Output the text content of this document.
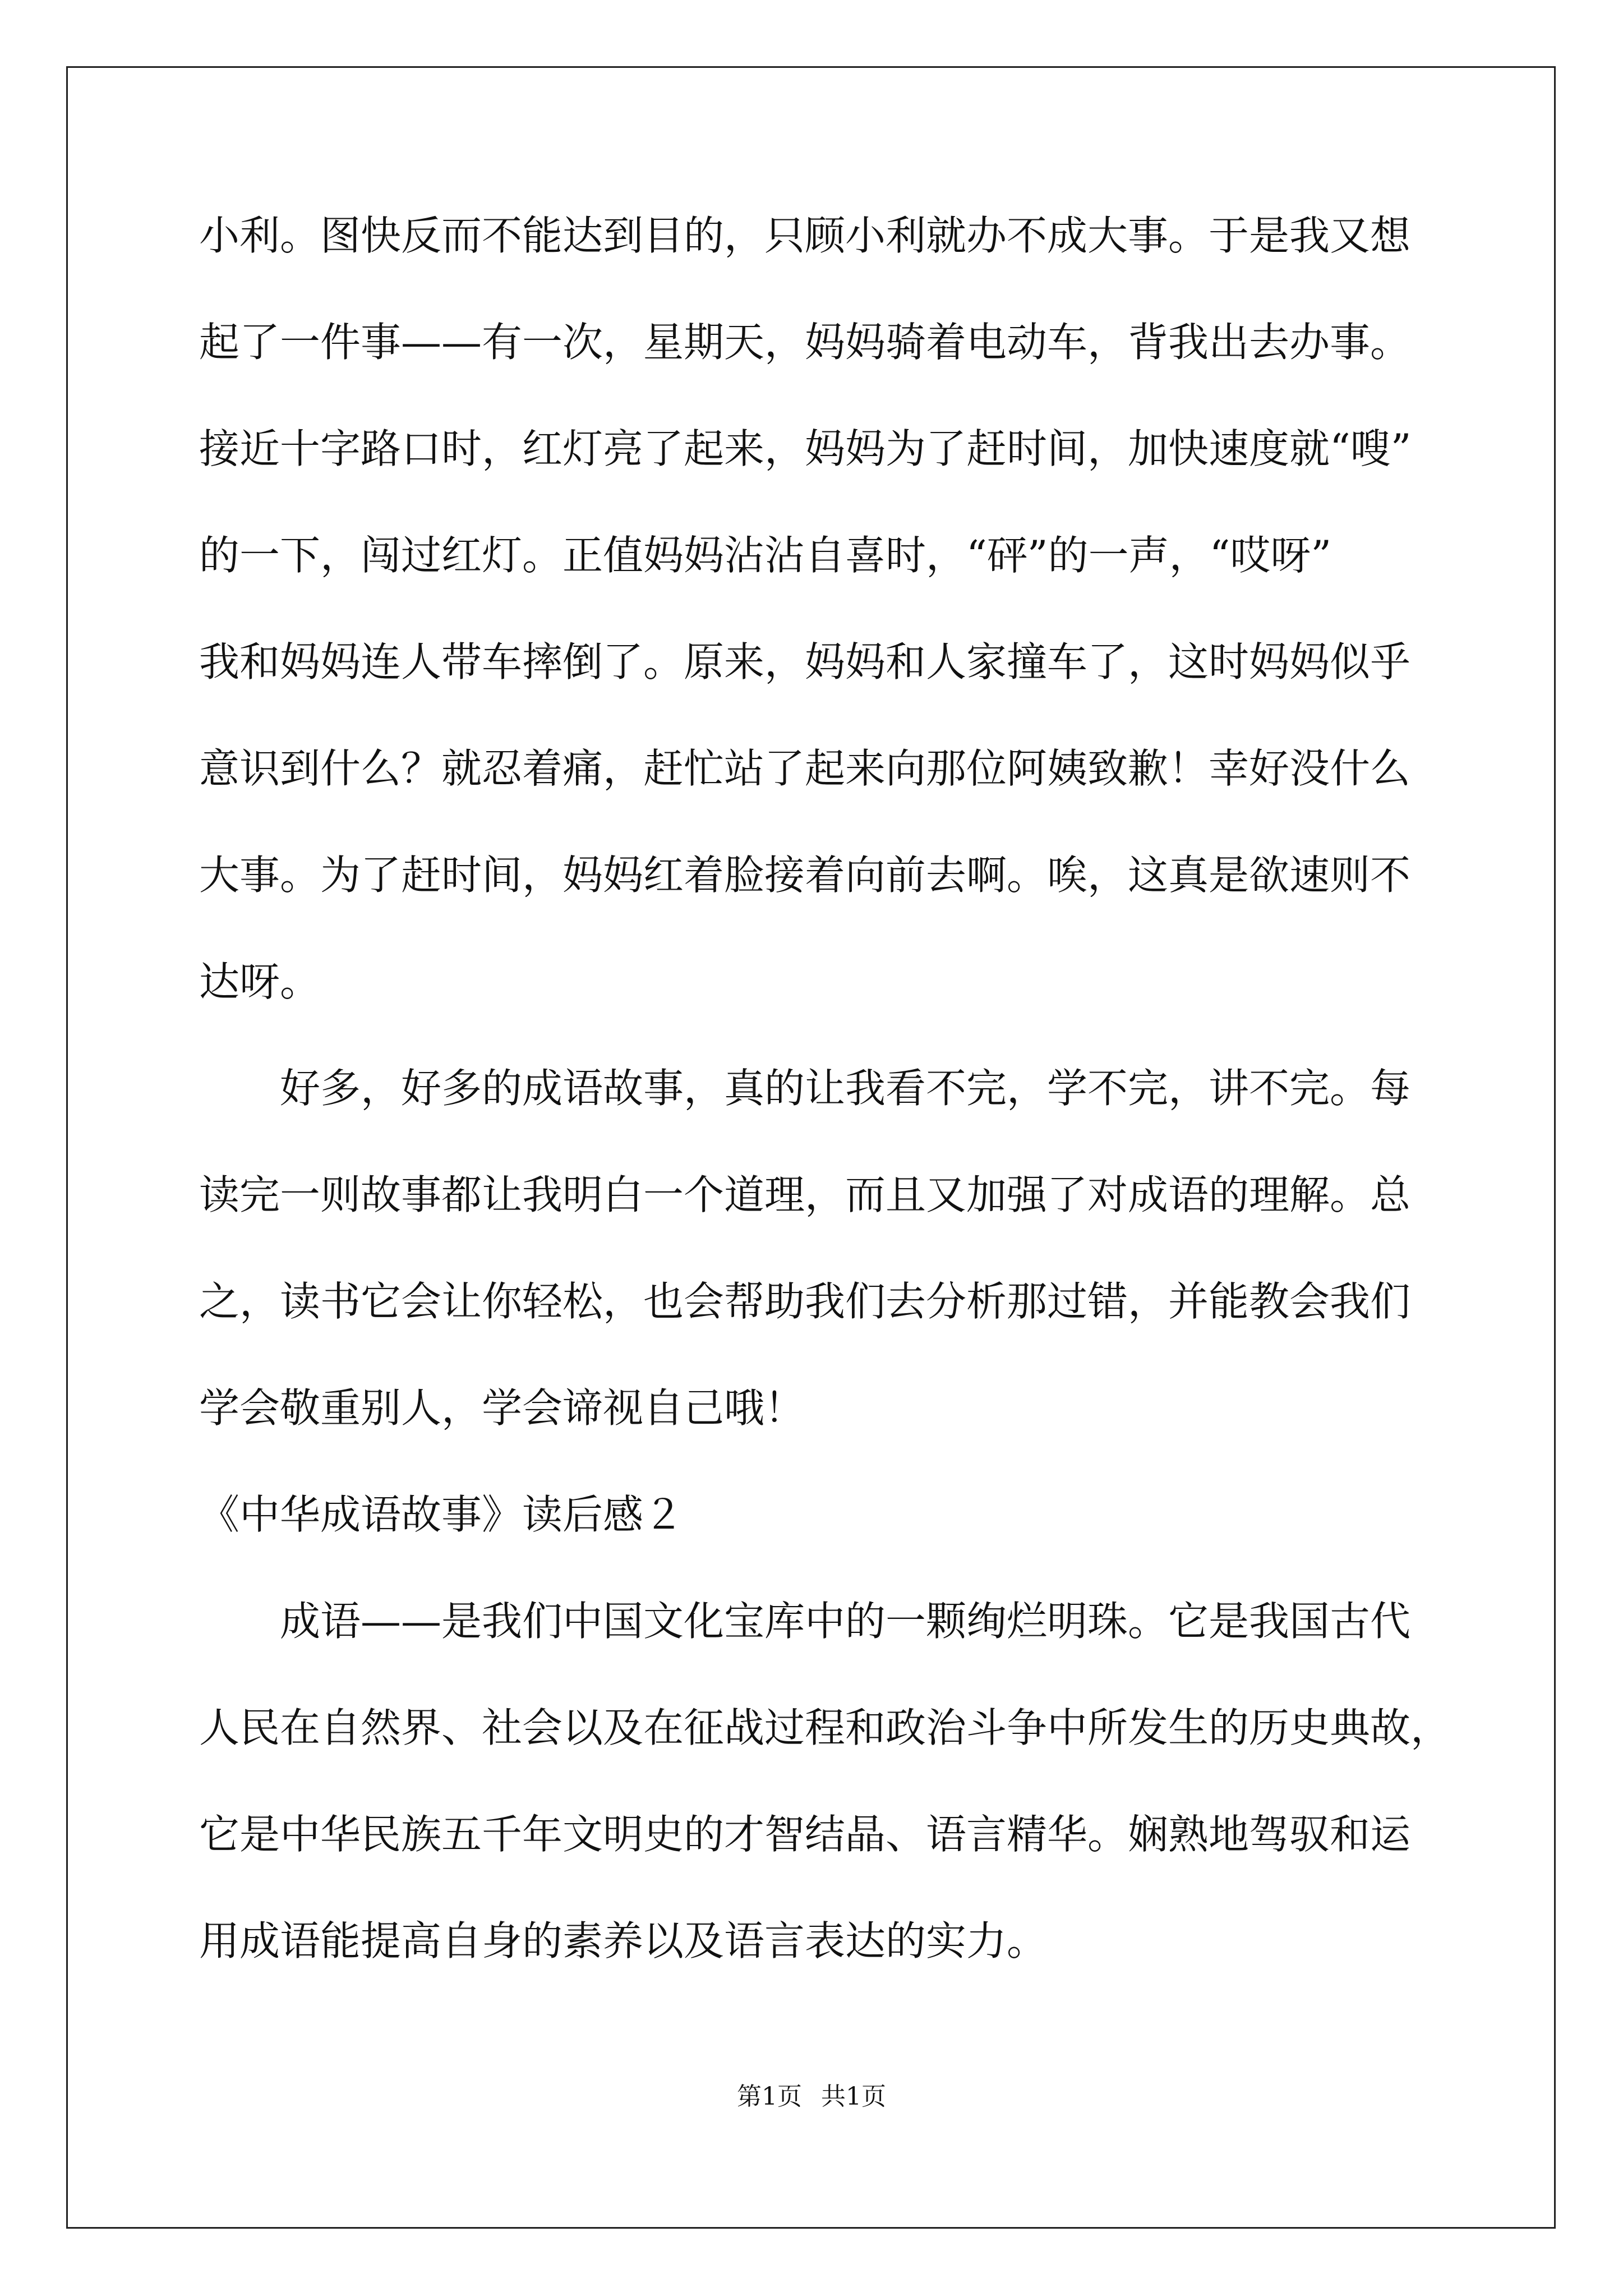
小利。图快反而不能达到目的，只顾小利就办不成大事。于是我又想
起了一件事——有一次，星期天，妈妈骑着电动车，背我出去办事。
接近十字路口时，红灯亮了起来，妈妈为了赶时间，加快速度就“嗖”
的一下，闯过红灯。正值妈妈沾沾自喜时，“砰”的一声，“哎呀”
我和妈妈连人带车摔倒了。原来，妈妈和人家撞车了，这时妈妈似乎
意识到什么？就忍着痛，赶忙站了起来向那位阿姨致歉！幸好没什么
大事。为了赶时间，妈妈红着脸接着向前去啊。唉，这真是欲速则不
达呀。
好多，好多的成语故事，真的让我看不完，学不完，讲不完。每
读完一则故事都让我明白一个道理，而且又加强了对成语的理解。总
之，读书它会让你轻松，也会帮助我们去分析那过错，并能教会我们
学会敬重别人，学会谛视自己哦！
《中华成语故事》读后感２
成语——是我们中国文化宝库中的一颗绚烂明珠。它是我国古代
人民在自然界、社会以及在征战过程和政治斗争中所发生的历史典故，
它是中华民族五千年文明史的才智结晶、语言精华。娴熟地驾驭和运
用成语能提高自身的素养以及语言表达的实力。
第1页 共1页
